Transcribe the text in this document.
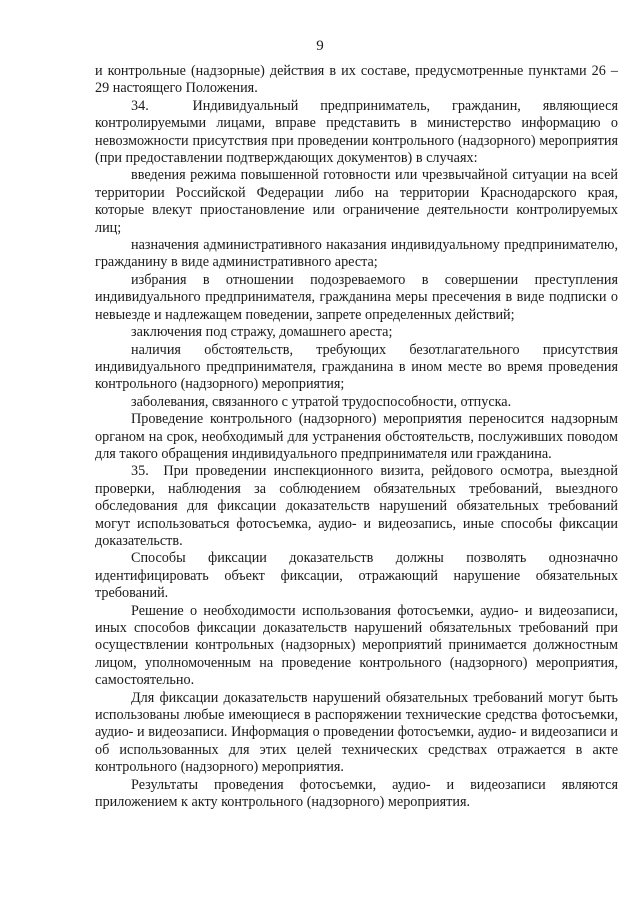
9

и контрольные (надзорные) действия в их составе, предусмотренные пунктами 26 – 29 настоящего Положения.

34.  Индивидуальный предприниматель, гражданин, являющиеся контролируемыми лицами, вправе представить в министерство информацию о невозможности присутствия при проведении контрольного (надзорного) мероприятия (при предоставлении подтверждающих документов) в случаях:

введения режима повышенной готовности или чрезвычайной ситуации на всей территории Российской Федерации либо на территории Краснодарского края, которые влекут приостановление или ограничение деятельности контролируемых лиц;

назначения административного наказания индивидуальному предпринимателю, гражданину в виде административного ареста;

избрания в отношении подозреваемого в совершении преступления индивидуального предпринимателя, гражданина меры пресечения в виде подписки о невыезде и надлежащем поведении, запрете определенных действий;

заключения под стражу, домашнего ареста;

наличия обстоятельств, требующих безотлагательного присутствия индивидуального предпринимателя, гражданина в ином месте во время проведения контрольного (надзорного) мероприятия;

заболевания, связанного с утратой трудоспособности, отпуска.

Проведение контрольного (надзорного) мероприятия переносится надзорным органом на срок, необходимый для устранения обстоятельств, послуживших поводом для такого обращения индивидуального предпринимателя или гражданина.

35.  При проведении инспекционного визита, рейдового осмотра, выездной проверки, наблюдения за соблюдением обязательных требований, выездного обследования для фиксации доказательств нарушений обязательных требований могут использоваться фотосъемка, аудио- и видеозапись, иные способы фиксации доказательств.

Способы фиксации доказательств должны позволять однозначно идентифицировать объект фиксации, отражающий нарушение обязательных требований.

Решение о необходимости использования фотосъемки, аудио- и видеозаписи, иных способов фиксации доказательств нарушений обязательных требований при осуществлении контрольных (надзорных) мероприятий принимается должностным лицом, уполномоченным на проведение контрольного (надзорного) мероприятия, самостоятельно.

Для фиксации доказательств нарушений обязательных требований могут быть использованы любые имеющиеся в распоряжении технические средства фотосъемки, аудио- и видеозаписи. Информация о проведении фотосъемки, аудио- и видеозаписи и об использованных для этих целей технических средствах отражается в акте контрольного (надзорного) мероприятия.

Результаты проведения фотосъемки, аудио- и видеозаписи являются приложением к акту контрольного (надзорного) мероприятия.
